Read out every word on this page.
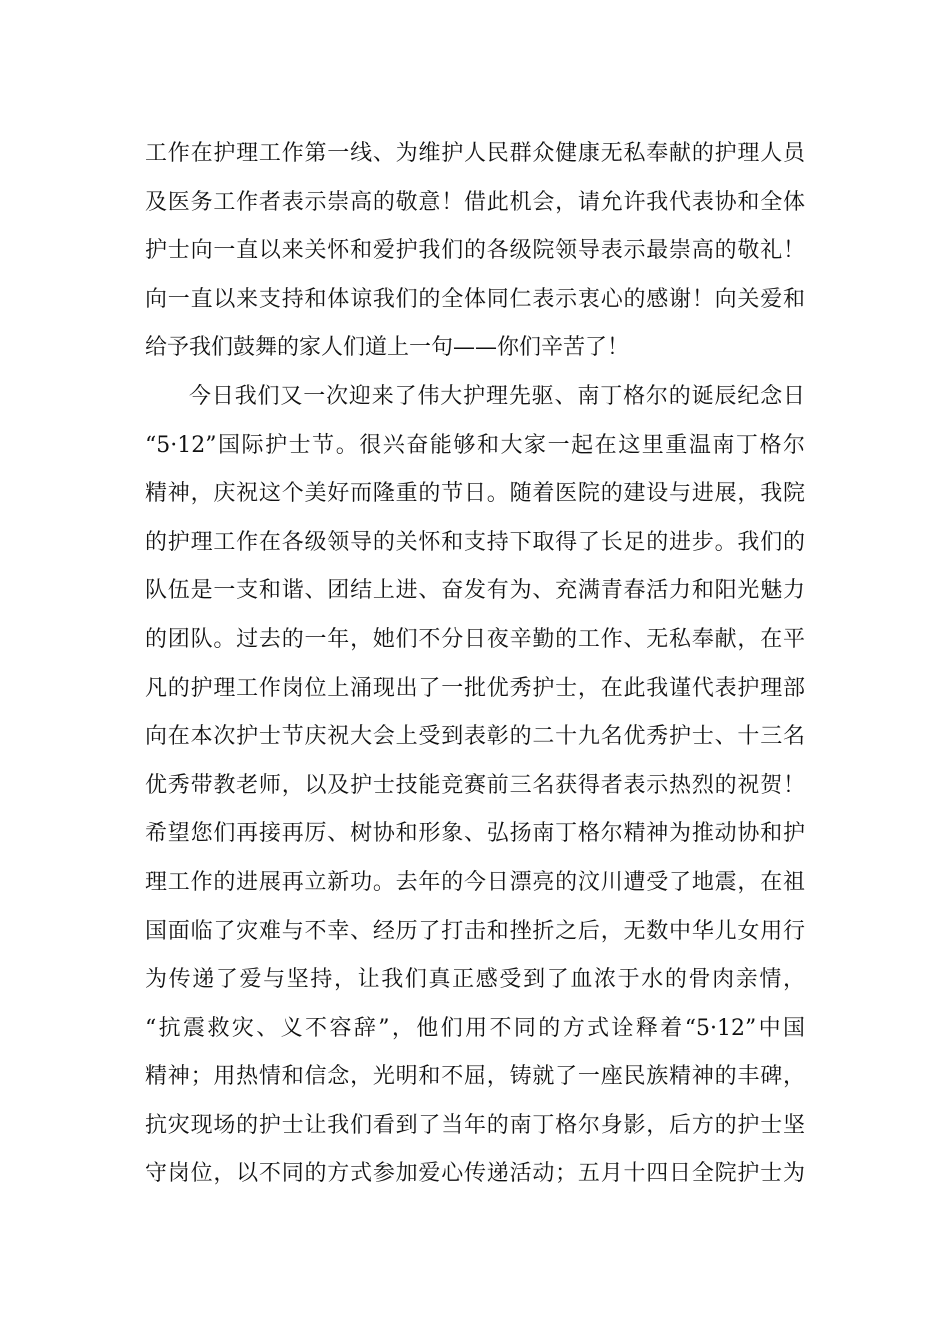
工作在护理工作第一线、为维护人民群众健康无私奉献的护理人员
及医务工作者表示崇高的敬意！借此机会，请允许我代表协和全体
护士向一直以来关怀和爱护我们的各级院领导表示最崇高的敬礼！
向一直以来支持和体谅我们的全体同仁表示衷心的感谢！向关爱和
给予我们鼓舞的家人们道上一句——你们辛苦了！

今日我们又一次迎来了伟大护理先驱、南丁格尔的诞辰纪念日
“5·12”国际护士节。很兴奋能够和大家一起在这里重温南丁格尔
精神，庆祝这个美好而隆重的节日。随着医院的建设与进展，我院
的护理工作在各级领导的关怀和支持下取得了长足的进步。我们的
队伍是一支和谐、团结上进、奋发有为、充满青春活力和阳光魅力
的团队。过去的一年，她们不分日夜辛勤的工作、无私奉献，在平
凡的护理工作岗位上涌现出了一批优秀护士，在此我谨代表护理部
向在本次护士节庆祝大会上受到表彰的二十九名优秀护士、十三名
优秀带教老师，以及护士技能竞赛前三名获得者表示热烈的祝贺！
希望您们再接再厉、树协和形象、弘扬南丁格尔精神为推动协和护
理工作的进展再立新功。去年的今日漂亮的汶川遭受了地震，在祖
国面临了灾难与不幸、经历了打击和挫折之后，无数中华儿女用行
为传递了爱与坚持，让我们真正感受到了血浓于水的骨肉亲情，
“抗震救灾、义不容辞”，他们用不同的方式诠释着“5·12”中国
精神；用热情和信念，光明和不屈，铸就了一座民族精神的丰碑，
抗灾现场的护士让我们看到了当年的南丁格尔身影，后方的护士坚
守岗位，以不同的方式参加爱心传递活动；五月十四日全院护士为
